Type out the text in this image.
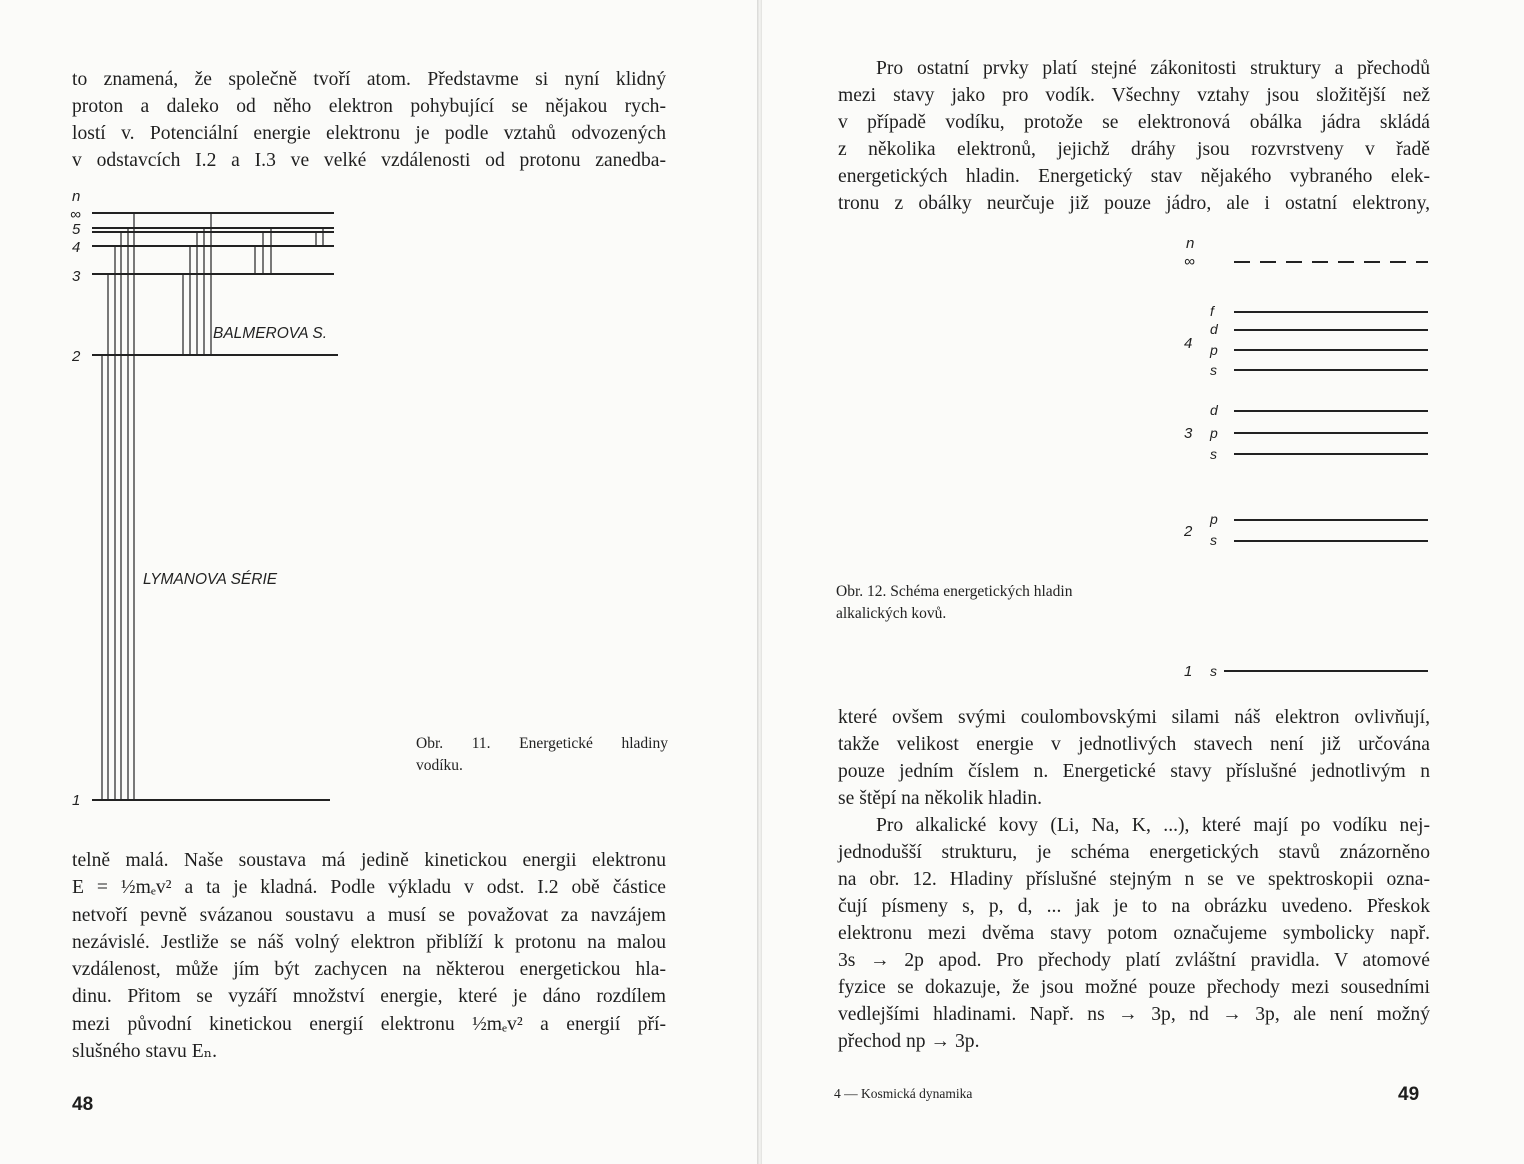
to znamená, že společně tvoří atom. Představme si nyní klidný
proton a daleko od něho elektron pohybující se nějakou rych-
lostí v. Potenciální energie elektronu je podle vztahů odvozených
v odstavcích I.2 a I.3 ve velké vzdálenosti od protonu zanedba-

n
∞
5
4
3
2
1
BALMEROVA S.
LYMANOVA SÉRIE

Obr. 11. Energetické hladiny
vodíku.

telně malá. Naše soustava má jedině kinetickou energii elektronu
E = ½mₑv² a ta je kladná. Podle výkladu v odst. I.2 obě částice
netvoří pevně svázanou soustavu a musí se považovat za navzájem
nezávislé. Jestliže se náš volný elektron přiblíží k protonu na malou
vzdálenost, může jím být zachycen na některou energetickou hla-
dinu. Přitom se vyzáří množství energie, které je dáno rozdílem
mezi původní kinetickou energií elektronu ½mₑv² a energií pří-
slušného stavu Eₙ.

48

Pro ostatní prvky platí stejné zákonitosti struktury a přechodů
mezi stavy jako pro vodík. Všechny vztahy jsou složitější než
v případě vodíku, protože se elektronová obálka jádra skládá
z několika elektronů, jejichž dráhy jsou rozvrstveny v řadě
energetických hladin. Energetický stav nějakého vybraného elek-
tronu z obálky neurčuje již pouze jádro, ale i ostatní elektrony,

n
∞
f
d
4 p
s
d
3 p
s
p
2 s
1 s

Obr. 12. Schéma energetických hladin
alkalických kovů.

které ovšem svými coulombovskými silami náš elektron ovlivňují,
takže velikost energie v jednotlivých stavech není již určována
pouze jedním číslem n. Energetické stavy příslušné jednotlivým n
se štěpí na několik hladin.

Pro alkalické kovy (Li, Na, K, ...), které mají po vodíku nej-
jednodušší strukturu, je schéma energetických stavů znázorněno
na obr. 12. Hladiny příslušné stejným n se ve spektroskopii ozna-
čují písmeny s, p, d, ... jak je to na obrázku uvedeno. Přeskok
elektronu mezi dvěma stavy potom označujeme symbolicky např.
3s → 2p apod. Pro přechody platí zvláštní pravidla. V atomové
fyzice se dokazuje, že jsou možné pouze přechody mezi sousedními
vedlejšími hladinami. Např. ns → 3p, nd → 3p, ale není možný
přechod np → 3p.

4 — Kosmická dynamika	49
